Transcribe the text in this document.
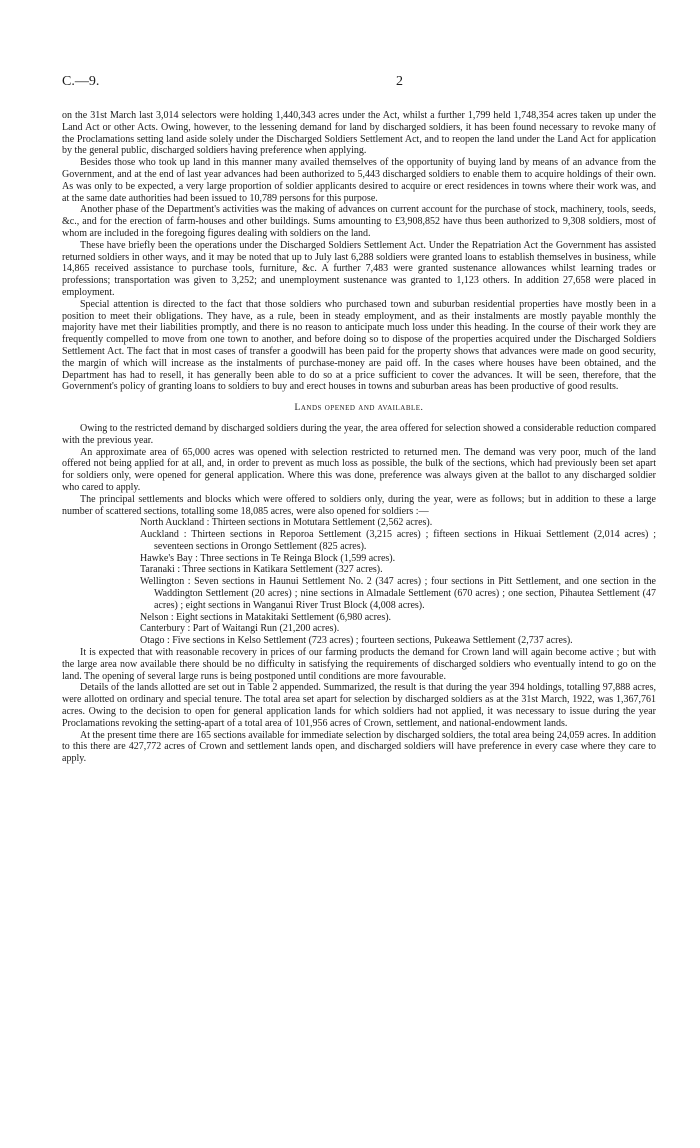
C.—9.	2

on the 31st March last 3,014 selectors were holding 1,440,343 acres under the Act, whilst a further 1,799 held 1,748,354 acres taken up under the Land Act or other Acts. Owing, however, to the lessening demand for land by discharged soldiers, it has been found necessary to revoke many of the Proclamations setting land aside solely under the Discharged Soldiers Settlement Act, and to reopen the land under the Land Act for application by the general public, discharged soldiers having preference when applying.

Besides those who took up land in this manner many availed themselves of the opportunity of buying land by means of an advance from the Government, and at the end of last year advances had been authorized to 5,443 discharged soldiers to enable them to acquire holdings of their own. As was only to be expected, a very large proportion of soldier applicants desired to acquire or erect residences in towns where their work was, and at the same date authorities had been issued to 10,789 persons for this purpose.

Another phase of the Department's activities was the making of advances on current account for the purchase of stock, machinery, tools, seeds, &c., and for the erection of farm-houses and other buildings. Sums amounting to £3,908,852 have thus been authorized to 9,308 soldiers, most of whom are included in the foregoing figures dealing with soldiers on the land.

These have briefly been the operations under the Discharged Soldiers Settlement Act. Under the Repatriation Act the Government has assisted returned soldiers in other ways, and it may be noted that up to July last 6,288 soldiers were granted loans to establish themselves in business, while 14,865 received assistance to purchase tools, furniture, &c. A further 7,483 were granted sustenance allowances whilst learning trades or professions; transportation was given to 3,252; and unemployment sustenance was granted to 1,123 others. In addition 27,658 were placed in employment.

Special attention is directed to the fact that those soldiers who purchased town and suburban residential properties have mostly been in a position to meet their obligations. They have, as a rule, been in steady employment, and as their instalments are mostly payable monthly the majority have met their liabilities promptly, and there is no reason to anticipate much loss under this heading. In the course of their work they are frequently compelled to move from one town to another, and before doing so to dispose of the properties acquired under the Discharged Soldiers Settlement Act. The fact that in most cases of transfer a goodwill has been paid for the property shows that advances were made on good security, the margin of which will increase as the instalments of purchase-money are paid off. In the cases where houses have been obtained, and the Department has had to resell, it has generally been able to do so at a price sufficient to cover the advances. It will be seen, therefore, that the Government's policy of granting loans to soldiers to buy and erect houses in towns and suburban areas has been productive of good results.

Lands opened and available.

Owing to the restricted demand by discharged soldiers during the year, the area offered for selection showed a considerable reduction compared with the previous year.

An approximate area of 65,000 acres was opened with selection restricted to returned men. The demand was very poor, much of the land offered not being applied for at all, and, in order to prevent as much loss as possible, the bulk of the sections, which had previously been set apart for soldiers only, were opened for general application. Where this was done, preference was always given at the ballot to any discharged soldier who cared to apply.

The principal settlements and blocks which were offered to soldiers only, during the year, were as follows; but in addition to these a large number of scattered sections, totalling some 18,085 acres, were also opened for soldiers :—

North Auckland : Thirteen sections in Motutara Settlement (2,562 acres).
Auckland : Thirteen sections in Reporoa Settlement (3,215 acres) ; fifteen sections in Hikuai Settlement (2,014 acres) ; seventeen sections in Orongo Settlement (825 acres).
Hawke's Bay : Three sections in Te Reinga Block (1,599 acres).
Taranaki : Three sections in Katikara Settlement (327 acres).
Wellington : Seven sections in Haunui Settlement No. 2 (347 acres) ; four sections in Pitt Settlement, and one section in the Waddington Settlement (20 acres) ; nine sections in Almadale Settlement (670 acres) ; one section, Pihautea Settlement (47 acres) ; eight sections in Wanganui River Trust Block (4,008 acres).
Nelson : Eight sections in Matakitaki Settlement (6,980 acres).
Canterbury : Part of Waitangi Run (21,200 acres).
Otago : Five sections in Kelso Settlement (723 acres) ; fourteen sections, Pukeawa Settlement (2,737 acres).

It is expected that with reasonable recovery in prices of our farming products the demand for Crown land will again become active ; but with the large area now available there should be no difficulty in satisfying the requirements of discharged soldiers who eventually intend to go on the land. The opening of several large runs is being postponed until conditions are more favourable.

Details of the lands allotted are set out in Table 2 appended. Summarized, the result is that during the year 394 holdings, totalling 97,888 acres, were allotted on ordinary and special tenure. The total area set apart for selection by discharged soldiers as at the 31st March, 1922, was 1,367,761 acres. Owing to the decision to open for general application lands for which soldiers had not applied, it was necessary to issue during the year Proclamations revoking the setting-apart of a total area of 101,956 acres of Crown, settlement, and national-endowment lands.

At the present time there are 165 sections available for immediate selection by discharged soldiers, the total area being 24,059 acres. In addition to this there are 427,772 acres of Crown and settlement lands open, and discharged soldiers will have preference in every case where they care to apply.
